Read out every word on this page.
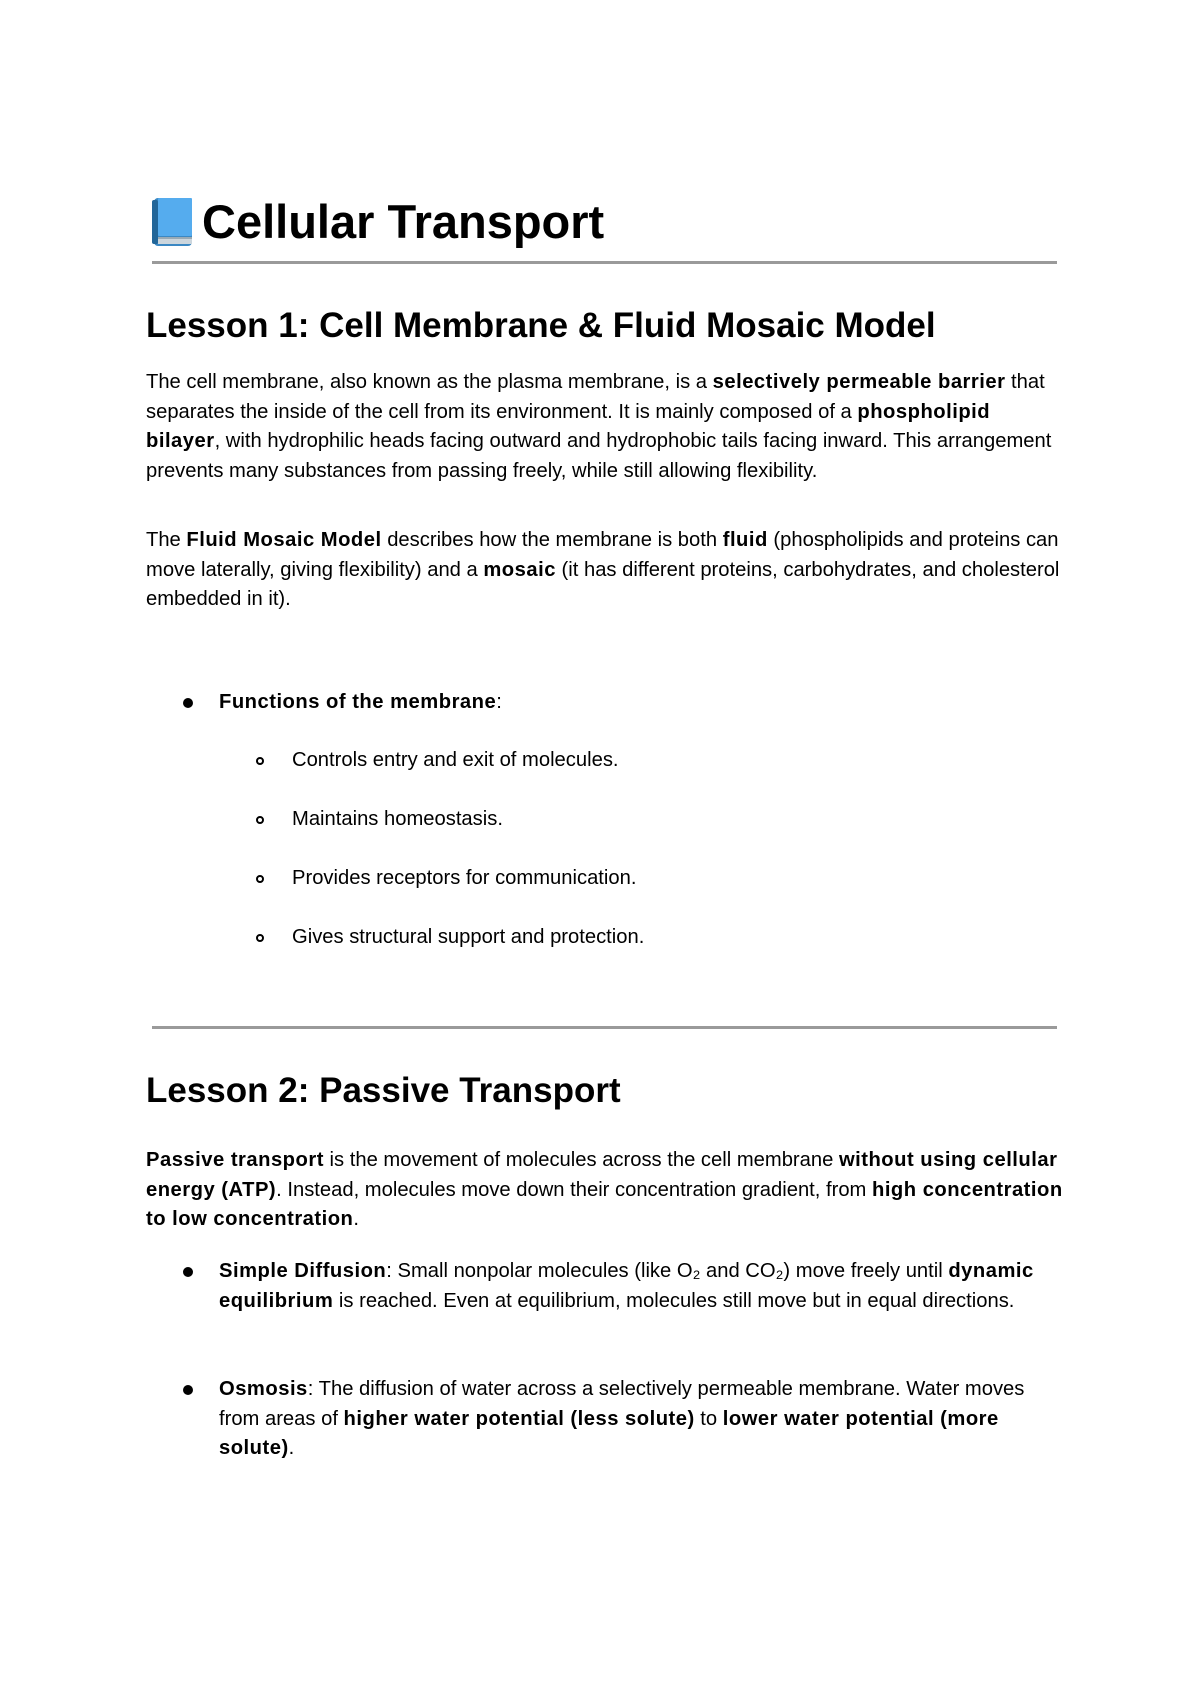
Cellular Transport
Lesson 1: Cell Membrane & Fluid Mosaic Model

The cell membrane, also known as the plasma membrane, is a selectively permeable barrier that separates the inside of the cell from its environment. It is mainly composed of a phospholipid bilayer, with hydrophilic heads facing outward and hydrophobic tails facing inward. This arrangement prevents many substances from passing freely, while still allowing flexibility.

The Fluid Mosaic Model describes how the membrane is both fluid (phospholipids and proteins can move laterally, giving flexibility) and a mosaic (it has different proteins, carbohydrates, and cholesterol embedded in it).

Functions of the membrane:
Controls entry and exit of molecules.
Maintains homeostasis.
Provides receptors for communication.
Gives structural support and protection.
Lesson 2: Passive Transport

Passive transport is the movement of molecules across the cell membrane without using cellular energy (ATP). Instead, molecules move down their concentration gradient, from high concentration to low concentration.

Simple Diffusion: Small nonpolar molecules (like O₂ and CO₂) move freely until dynamic equilibrium is reached. Even at equilibrium, molecules still move but in equal directions.
Osmosis: The diffusion of water across a selectively permeable membrane. Water moves from areas of higher water potential (less solute) to lower water potential (more solute).
